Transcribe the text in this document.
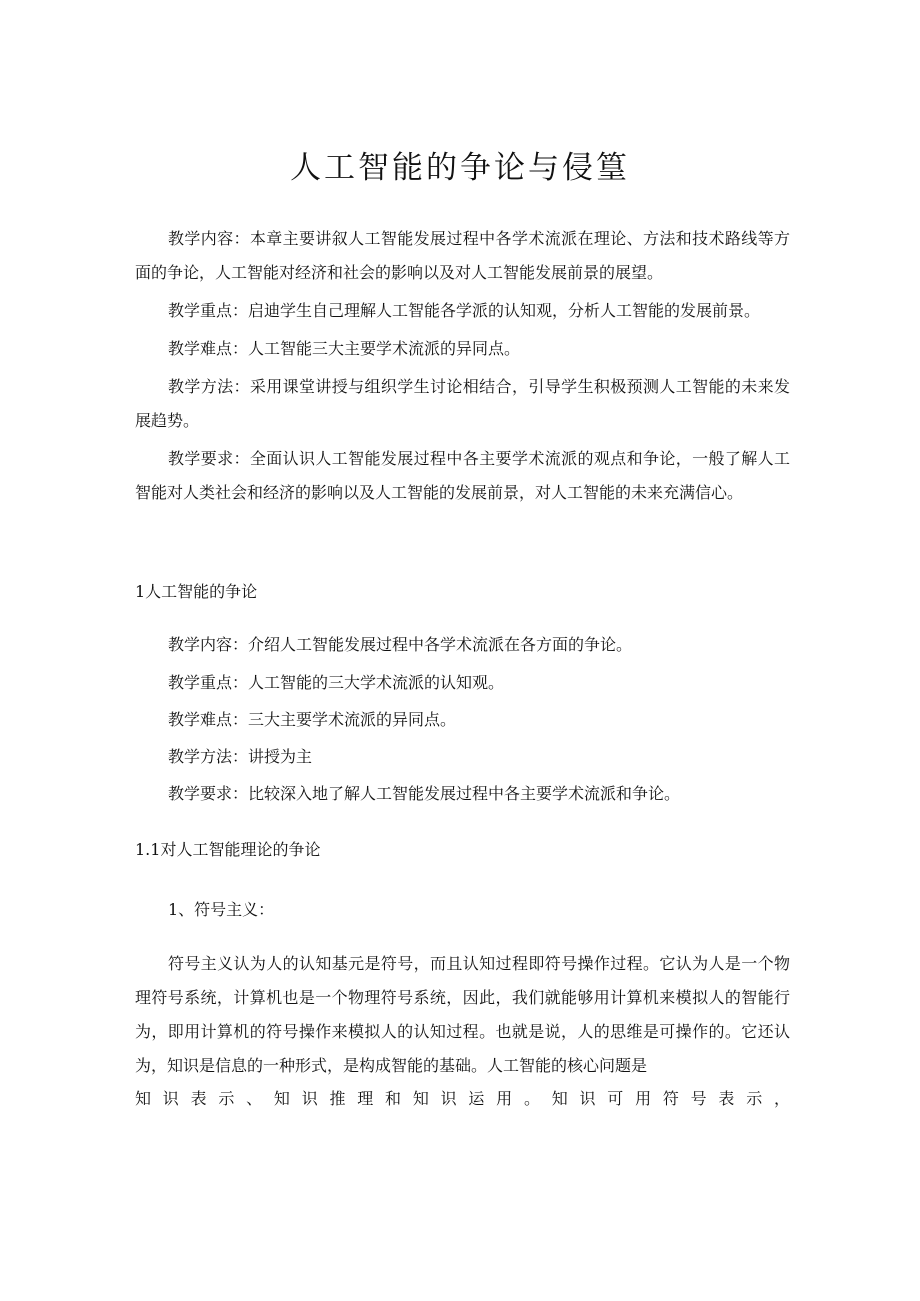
人工智能的争论与侵篁

教学内容：本章主要讲叙人工智能发展过程中各学术流派在理论、方法和技术路线等方面的争论，人工智能对经济和社会的影响以及对人工智能发展前景的展望。

教学重点：启迪学生自己理解人工智能各学派的认知观，分析人工智能的发展前景。

教学难点：人工智能三大主要学术流派的异同点。

教学方法：采用课堂讲授与组织学生讨论相结合，引导学生积极预测人工智能的未来发展趋势。

教学要求：全面认识人工智能发展过程中各主要学术流派的观点和争论，一般了解人工智能对人类社会和经济的影响以及人工智能的发展前景，对人工智能的未来充满信心。

1人工智能的争论

教学内容：介绍人工智能发展过程中各学术流派在各方面的争论。

教学重点：人工智能的三大学术流派的认知观。

教学难点：三大主要学术流派的异同点。

教学方法：讲授为主

教学要求：比较深入地了解人工智能发展过程中各主要学术流派和争论。

1.1对人工智能理论的争论

1、符号主义：

符号主义认为人的认知基元是符号，而且认知过程即符号操作过程。它认为人是一个物理符号系统，计算机也是一个物理符号系统，因此，我们就能够用计算机来模拟人的智能行为，即用计算机的符号操作来模拟人的认知过程。也就是说，人的思维是可操作的。它还认为，知识是信息的一种形式，是构成智能的基础。人工智能的核心问题是

知识表示、知识推理和知识运用。知识可用符号表示，
